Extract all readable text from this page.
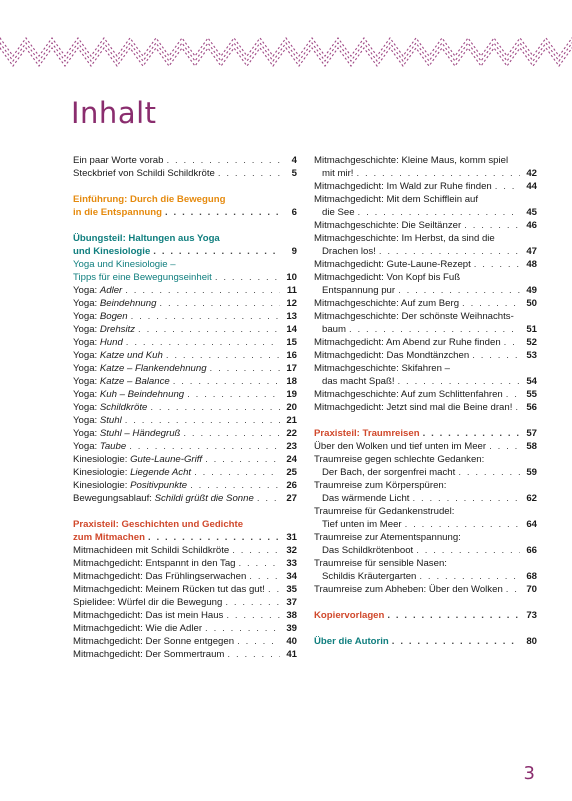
Inhalt
Ein paar Worte vorab . . .	4
Steckbrief von Schildi Schildkröte . . .	5
Einführung: Durch die Bewegung
in die Entspannung . . .	6
Übungsteil: Haltungen aus Yoga
und Kinesiologie . . .	9
Yoga und Kinesiologie –
Tipps für eine Bewegungseinheit . . .	10
Yoga: Adler . . .	11
Yoga: Beindehnung . . .	12
Yoga: Bogen . . .	13
Yoga: Drehsitz . . .	14
Yoga: Hund . . .	15
Yoga: Katze und Kuh . . .	16
Yoga: Katze – Flankendehnung . . .	17
Yoga: Katze – Balance . . .	18
Yoga: Kuh – Beindehnung . . .	19
Yoga: Schildkröte . . .	20
Yoga: Stuhl . . .	21
Yoga: Stuhl – Händegruß . . .	22
Yoga: Taube . . .	23
Kinesiologie: Gute-Laune-Griff . . .	24
Kinesiologie: Liegende Acht . . .	25
Kinesiologie: Positivpunkte . . .	26
Bewegungsablauf: Schildi grüßt die Sonne . . .	27
Praxisteil: Geschichten und Gedichte
zum Mitmachen . . .	31
Mitmachideen mit Schildi Schildkröte . . .	32
Mitmachgedicht: Entspannt in den Tag . . .	33
Mitmachgedicht: Das Frühlingserwachen . . .	34
Mitmachgedicht: Meinem Rücken tut das gut! . . .	35
Spielidee: Würfel dir die Bewegung . . .	37
Mitmachgedicht: Das ist mein Haus . . .	38
Mitmachgedicht: Wie die Adler . . .	39
Mitmachgedicht: Der Sonne entgegen . . .	40
Mitmachgedicht: Der Sommertraum . . .	41
Mitmachgeschichte: Kleine Maus, komm spiel
mit mir! . . .	42
Mitmachgedicht: Im Wald zur Ruhe finden . . .	44
Mitmachgedicht: Mit dem Schifflein auf
die See . . .	45
Mitmachgeschichte: Die Seiltänzer . . .	46
Mitmachgeschichte: Im Herbst, da sind die
Drachen los! . . .	47
Mitmachgedicht: Gute-Laune-Rezept . . .	48
Mitmachgedicht: Von Kopf bis Fuß
Entspannung pur . . .	49
Mitmachgeschichte: Auf zum Berg . . .	50
Mitmachgeschichte: Der schönste Weihnachts-
baum . . .	51
Mitmachgedicht: Am Abend zur Ruhe finden . . .	52
Mitmachgedicht: Das Mondtänzchen . . .	53
Mitmachgeschichte: Skifahren –
das macht Spaß! . . .	54
Mitmachgeschichte: Auf zum Schlittenfahren . . .	55
Mitmachgedicht: Jetzt sind mal die Beine dran! . . .	56
Praxisteil: Traumreisen . . .	57
Über den Wolken und tief unten im Meer . . .	58
Traumreise gegen schlechte Gedanken:
Der Bach, der sorgenfrei macht . . .	59
Traumreise zum Körperspüren:
Das wärmende Licht . . .	62
Traumreise für Gedankenstrudel:
Tief unten im Meer . . .	64
Traumreise zur Atementspannung:
Das Schildkrötenboot . . .	66
Traumreise für sensible Nasen:
Schildis Kräutergarten . . .	68
Traumreise zum Abheben: Über den Wolken . . .	70
Kopiervorlagen . . .	73
Über die Autorin . . .	80
3
